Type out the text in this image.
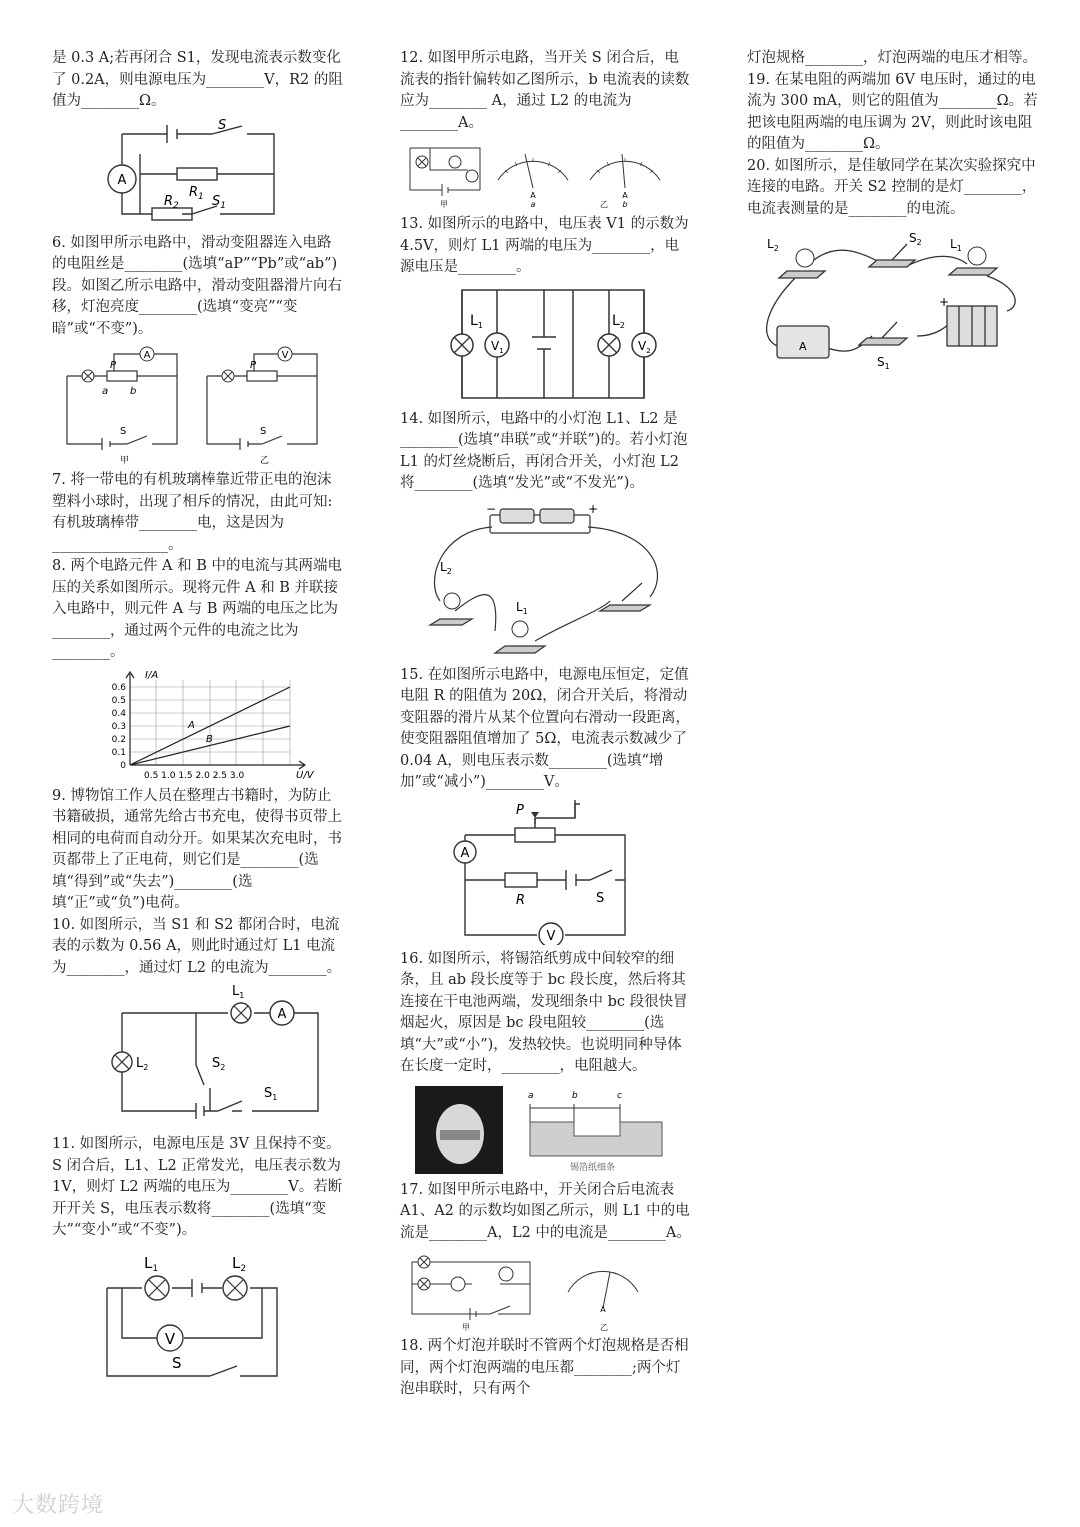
是 0.3 A;若再闭合 S1，发现电流表示数变化了 0.2A，则电源电压为________V，R2 的阻值为________Ω。

A
S
$R_1$
$R_2$	$S_1$

6. 如图甲所示电路中，滑动变阻器连入电路的电阻丝是________(选填“aP”“Pb”或“ab”)段。如图乙所示电路中，滑动变阻器滑片向右移，灯泡亮度________(选填“变亮”“变暗”或“不变”)。

A	V
P	P
a b
S	S
甲	乙

7. 将一带电的有机玻璃棒靠近带正电的泡沫塑料小球时，出现了相斥的情况，由此可知:有机玻璃棒带________电，这是因为________________。

8. 两个电路元件 A 和 B 中的电流与其两端电压的关系如图所示。现将元件 A 和 B 并联接入电路中，则元件 A 与 B 两端的电压之比为________，通过两个元件的电流之比为________。

I/A
0.6
0.5
0.4
0.3
0.2
0.1
0
0.5 1.0 1.5 2.0 2.5 3.0	U/V
A
B

9. 博物馆工作人员在整理古书籍时，为防止书籍破损，通常先给古书充电，使得书页带上相同的电荷而自动分开。如果某次充电时，书页都带上了正电荷，则它们是________(选填“得到”或“失去”)________(选填“正”或“负”)电荷。

10. 如图所示，当 S1 和 S2 都闭合时，电流表的示数为 0.56 A，则此时通过灯 L1 电流为________，通过灯 L2 的电流为________。

A
$L_1$
$L_2$	$S_2$
$S_1$

11. 如图所示，电源电压是 3V 且保持不变。S 闭合后，L1、L2 正常发光，电压表示数为 1V，则灯 L2 两端的电压为________V。若断开开关 S，电压表示数将________(选填“变大”“变小”或“不变”)。

V
$L_1$	$L_2$
S

12. 如图甲所示电路，当开关 S 闭合后，电流表的指针偏转如乙图所示，b 电流表的读数应为________ A，通过 L2 的电流为________A。

甲
A
a
A
b
乙

13. 如图所示的电路中，电压表 V1 的示数为 4.5V，则灯 L1 两端的电压为________，电源电压是________。

$L_1$
$V_1$
$L_2$
$V_2$

14. 如图所示，电路中的小灯泡 L1、L2 是________(选填“串联”或“并联”)的。若小灯泡 L1 的灯丝烧断后，再闭合开关，小灯泡 L2 将________(选填“发光”或“不发光”)。

−	+
$L_2$
$L_1$

15. 在如图所示电路中，电源电压恒定，定值电阻 R 的阻值为 20Ω，闭合开关后，将滑动变阻器的滑片从某个位置向右滑动一段距离，使变阻器阻值增加了 5Ω，电流表示数减少了 0.04 A，则电压表示数________(选填“增加”或“减小”)________V。

A
V
P
R	S

16. 如图所示，将锡箔纸剪成中间较窄的细条，且 ab 段长度等于 bc 段长度，然后将其连接在干电池两端，发现细条中 bc 段很快冒烟起火，原因是 bc 段电阻较________(选填“大”或“小”)，发热较快。也说明同种导体在长度一定时，________，电阻越大。

a	b	c
锡箔纸细条

17. 如图甲所示电路中，开关闭合后电流表 A1、A2 的示数均如图乙所示，则 L1 中的电流是________A，L2 中的电流是________A。

甲
A
乙

18. 两个灯泡并联时不管两个灯泡规格是否相同，两个灯泡两端的电压都________;两个灯泡串联时，只有两个

灯泡规格________，灯泡两端的电压才相等。

19. 在某电阻的两端加 6V 电压时，通过的电流为 300 mA，则它的阻值为________Ω。若把该电阻两端的电压调为 2V，则此时该电阻的阻值为________Ω。

20. 如图所示，是佳敏同学在某次实验探究中连接的电路。开关 S2 控制的是灯________，电流表测量的是________的电流。

$L_2$	$L_1$
$S_2$
$S_1$
A
+
大数跨境
